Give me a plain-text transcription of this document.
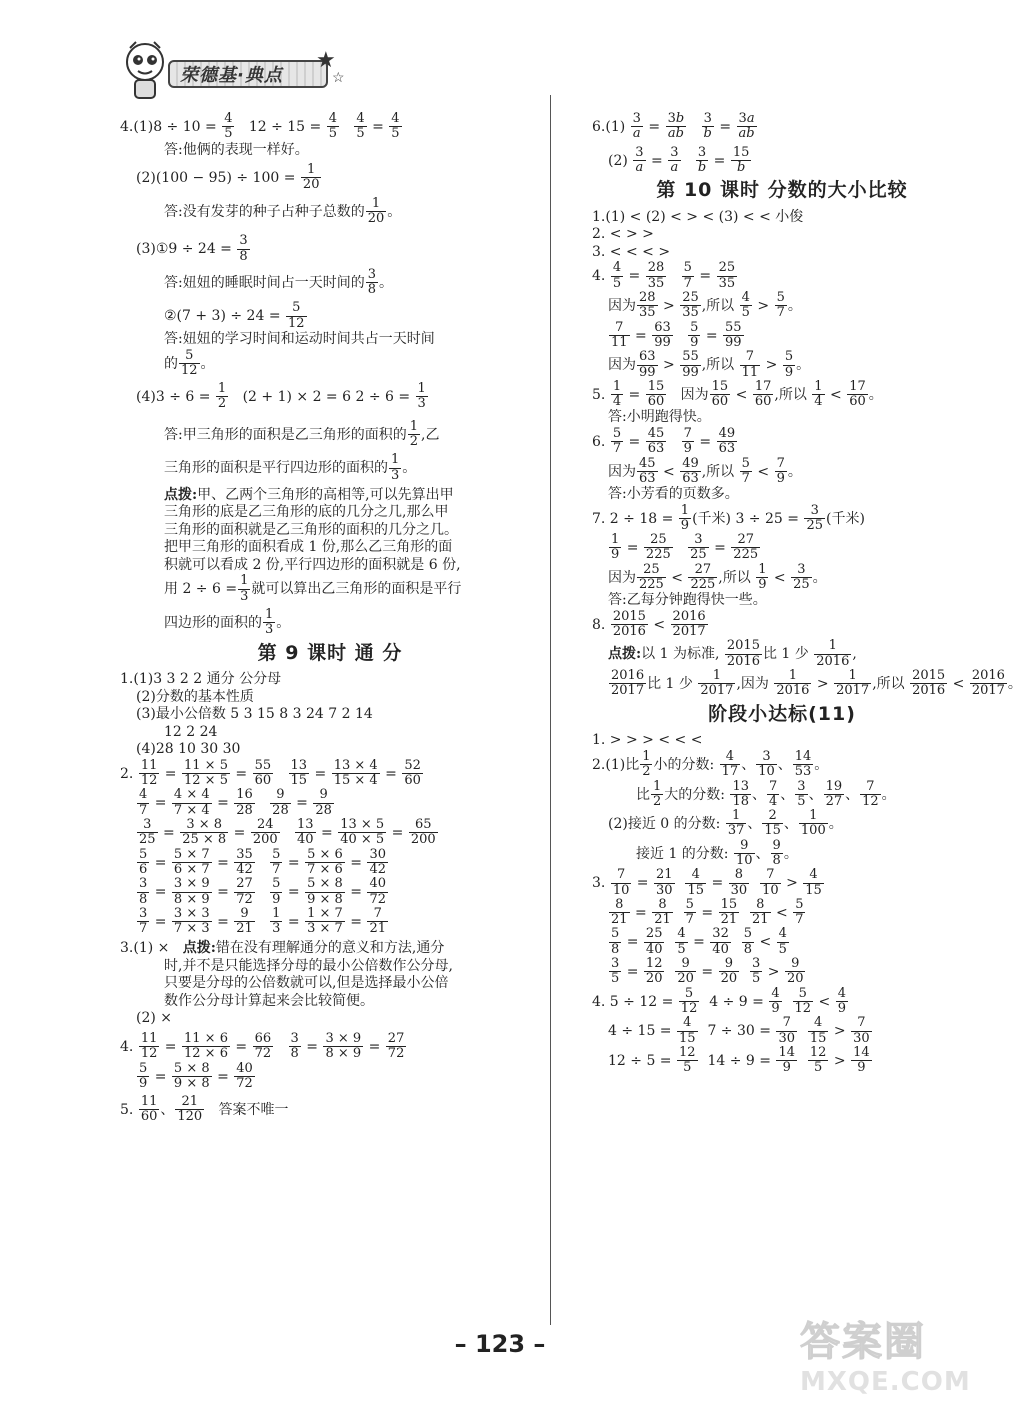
荣德基·典点
★
☆

$4.(1)8 \div 10 = \frac{4}{5} 12 \div 15 = \frac{4}{5}$
$\frac{4}{5} = \frac{4}{5}$

答:他俩的表现一样好。

$(2)(100 - 95) \div 100 = \frac{1}{20}$

答:没有发芽的种子占种子总数的 $\frac{1}{20}$ 。

(3)①9 ÷ $24 = \frac{3}{8}$

答:妞妞的睡眠时间占一天时间的 $\frac{3}{8}$ 。

②(7 + $3) \div 24 = \frac{5}{12}$

答:妞妞的学习时间和运动时间共占一天时间

的 $\frac{5}{12}$ 。

$(4)3 \div 6 = \frac{1}{2} (2 + 1) \times 2 = 6$ $2 \div 6 = \frac{1}{3}$

答:甲三角形的面积是乙三角形的面积的 $\frac{1}{2}$ ,乙

三角形的面积是平行四边形的面积的 $\frac{1}{3}$ 。

点拨:甲、乙两个三角形的高相等,可以先算出甲

三角形的底是乙三角形的底的几分之几,那么甲

三角形的面积就是乙三角形的面积的几分之几。

把甲三角形的面积看成 1 份,那么乙三角形的面

积就可以看成 2 份,平行四边形的面积就是 6 份,

用 $2 \div 6 = \frac{1}{3}$ 就可以算出乙三角形的面积是平行

四边形的面积的 $\frac{1}{3}$ 。

第 9 课时 通 分

1.(1)3 3 2 2 通分 公分母

(2)分数的基本性质

(3)最小公倍数 5 3 15 8 3 24 7 2 14

12 2 24

(4)28 10 30 30

2. $\frac{11}{12} = \frac{11 \times 5}{12 \times 5} = \frac{55}{60}$
$\frac{13}{15} = \frac{13 \times 4}{15 \times 4} = \frac{52}{60}$

$\frac{4}{7} = \frac{4 \times 4}{7 \times 4} = \frac{16}{28}$
$\frac{9}{28} = \frac{9}{28}$

$\frac{3}{25} = \frac{3 \times 8}{25 \times 8} = \frac{24}{200}$
$\frac{13}{40} = \frac{13 \times 5}{40 \times 5} = \frac{65}{200}$

$\frac{5}{6} = \frac{5 \times 7}{6 \times 7} = \frac{35}{42}$
$\frac{5}{7} = \frac{5 \times 6}{7 \times 6} = \frac{30}{42}$

$\frac{3}{8} = \frac{3 \times 9}{8 \times 9} = \frac{27}{72}$
$\frac{5}{9} = \frac{5 \times 8}{9 \times 8} = \frac{40}{72}$

$\frac{3}{7} = \frac{3 \times 3}{7 \times 3} = \frac{9}{21}$
$\frac{1}{3} = \frac{1 \times 7}{3 \times 7} = \frac{7}{21}$

3.(1) × 点拨:错在没有理解通分的意义和方法,通分

时,并不是只能选择分母的最小公倍数作公分母,

只要是分母的公倍数就可以,但是选择最小公倍

数作公分母计算起来会比较简便。

(2) ×

4. $\frac{11}{12} = \frac{11 \times 6}{12 \times 6} = \frac{66}{72}$
$\frac{3}{8} = \frac{3 \times 9}{8 \times 9} = \frac{27}{72}$

$\frac{5}{9} = \frac{5 \times 8}{9 \times 8} = \frac{40}{72}$

5. $\frac{11}{60}$ 、 $\frac{21}{120}$ 答案不唯一

$6.(1) \frac{3}{a} = \frac{3b}{ab}$
$\frac{3}{b} = \frac{3a}{ab}$

$(2) \frac{3}{a} = \frac{3}{a}$
$\frac{3}{b} = \frac{15}{b}$

第 10 课时 分数的大小比较

1.(1) < (2) < > < (3) < < 小俊

2. < > >

3. < < < >

4. $\frac{4}{5} = \frac{28}{35}$
$\frac{5}{7} = \frac{25}{35}$

因为 $\frac{28}{35} > \frac{25}{35}$ ,所以 $\frac{4}{5} > \frac{5}{7}$ 。

$\frac{7}{11} = \frac{63}{99}$
$\frac{5}{9} = \frac{55}{99}$

因为 $\frac{63}{99} > \frac{55}{99}$ ,所以 $\frac{7}{11} > \frac{5}{9}$ 。

5. $\frac{1}{4} = \frac{15}{60}$ 因为 $\frac{15}{60} < \frac{17}{60}$ ,所以 $\frac{1}{4} < \frac{17}{60}$ 。

答:小明跑得快。

6. $\frac{5}{7} = \frac{45}{63}$
$\frac{7}{9} = \frac{49}{63}$

因为 $\frac{45}{63} < \frac{49}{63}$ ,所以 $\frac{5}{7} < \frac{7}{9}$ 。

答:小芳看的页数多。

7. $2 \div 18 = \frac{1}{9}$ (千米) $3 \div 25 = \frac{3}{25}$ (千米)

$\frac{1}{9} = \frac{25}{225}$
$\frac{3}{25} = \frac{27}{225}$

因为 $\frac{25}{225} < \frac{27}{225}$ ,所以 $\frac{1}{9} < \frac{3}{25}$ 。

答:乙每分钟跑得快一些。

8. $\frac{2015}{2016} < \frac{2016}{2017}$

点拨:以 1 为标准, $\frac{2015}{2016}$ 比 1 少 $\frac{1}{2016}$ ,

$\frac{2016}{2017}$ 比 1 少 $\frac{1}{2017}$ ,因为 $\frac{1}{2016} > \frac{1}{2017}$ ,所以 $\frac{2015}{2016} < \frac{2016}{2017}$ 。

阶段小达标(11)

1. > > > < < <

2.(1)比 $\frac{1}{2}$ 小的分数: $\frac{4}{17}$ 、 $\frac{3}{10}$ 、 $\frac{14}{53}$ 。

比 $\frac{1}{2}$ 大的分数: $\frac{13}{18}$ 、 $\frac{7}{4}$ 、 $\frac{3}{5}$ 、 $\frac{19}{27}$ 、 $\frac{7}{12}$ 。

(2)接近 0 的分数: $\frac{1}{37}$ 、 $\frac{2}{15}$ 、 $\frac{1}{100}$ 。

接近 1 的分数: $\frac{9}{10}$ 、 $\frac{9}{8}$ 。

3. $\frac{7}{10} = \frac{21}{30}$
$\frac{4}{15} = \frac{8}{30}$
$\frac{7}{10} > \frac{4}{15}$

$\frac{8}{21} = \frac{8}{21}$
$\frac{5}{7} = \frac{15}{21}$
$\frac{8}{21} < \frac{5}{7}$

$\frac{5}{8} = \frac{25}{40}$
$\frac{4}{5} = \frac{32}{40}$
$\frac{5}{8} < \frac{4}{5}$

$\frac{3}{5} = \frac{12}{20}$
$\frac{9}{20} = \frac{9}{20}$
$\frac{3}{5} > \frac{9}{20}$

4. $5 \div 12 = \frac{5}{12} 4 \div 9 = \frac{4}{9}$
$\frac{5}{12} < \frac{4}{9}$

$4 \div 15 = \frac{4}{15} 7 \div 30 = \frac{7}{30}$
$\frac{4}{15} > \frac{7}{30}$

$12 \div 5 = \frac{12}{5} 14 \div 9 = \frac{14}{9}$
$\frac{12}{5} > \frac{14}{9}$

– 123 –	答案圈
MXQE.COM
